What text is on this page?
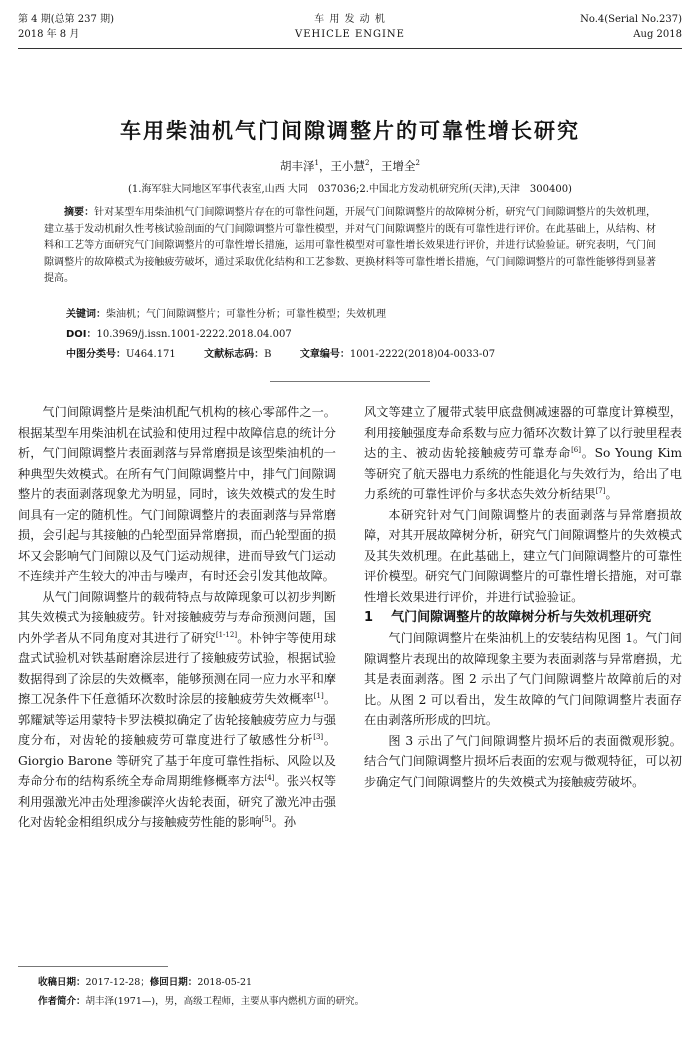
第 4 期(总第 237 期)
2018 年 8 月
车 用 发 动 机
VEHICLE ENGINE
No.4(Serial No.237)
Aug 2018
车用柴油机气门间隙调整片的可靠性增长研究
胡丰泽$^1$，王小慧$^2$，王增全$^2$
(1.海军驻大同地区军事代表室,山西 大同　037036;2.中国北方发动机研究所(天津),天津　300400)
摘要：针对某型车用柴油机气门间隙调整片存在的可靠性问题，开展气门间隙调整片的故障树分析，研究气门间隙调整片的失效机理，建立基于发动机耐久性考核试验剖面的气门间隙调整片可靠性模型，并对气门间隙调整片的既有可靠性进行评价。在此基础上，从结构、材料和工艺等方面研究气门间隙调整片的可靠性增长措施，运用可靠性模型对可靠性增长效果进行评价，并进行试验验证。研究表明，气门间隙调整片的故障模式为接触疲劳破坏，通过采取优化结构和工艺参数、更换材料等可靠性增长措施，气门间隙调整片的可靠性能够得到显著提高。
关键词：柴油机；气门间隙调整片；可靠性分析；可靠性模型；失效机理
DOI：10.3969/j.issn.1001-2222.2018.04.007
中图分类号：U464.171	文献标志码：B	文章编号：1001-2222(2018)04-0033-07

气门间隙调整片是柴油机配气机构的核心零部件之一。根据某型车用柴油机在试验和使用过程中故障信息的统计分析，气门间隙调整片表面剥落与异常磨损是该型柴油机的一种典型失效模式。在所有气门间隙调整片中，排气门间隙调整片的表面剥落现象尤为明显，同时，该失效模式的发生时间具有一定的随机性。气门间隙调整片的表面剥落与异常磨损，会引起与其接触的凸轮型面异常磨损，而凸轮型面的损坏又会影响气门间隙以及气门运动规律，进而导致气门运动不连续并产生较大的冲击与噪声，有时还会引发其他故障。

从气门间隙调整片的载荷特点与故障现象可以初步判断其失效模式为接触疲劳。针对接触疲劳与寿命预测问题，国内外学者从不同角度对其进行了研究[1-12]。朴钟宇等使用球盘式试验机对铁基耐磨涂层进行了接触疲劳试验，根据试验数据得到了涂层的失效概率，能够预测在同一应力水平和摩擦工况条件下任意循环次数时涂层的接触疲劳失效概率[1]。郭耀斌等运用蒙特卡罗法模拟确定了齿轮接触疲劳应力与强度分布，对齿轮的接触疲劳可靠度进行了敏感性分析[3]。Giorgio Barone 等研究了基于年度可靠性指标、风险以及寿命分布的结构系统全寿命周期维修概率方法[4]。张兴权等利用强激光冲击处理渗碳淬火齿轮表面，研究了激光冲击强化对齿轮金相组织成分与接触疲劳性能的影响[5]。孙

风文等建立了履带式装甲底盘侧减速器的可靠度计算模型，利用接触强度寿命系数与应力循环次数计算了以行驶里程表达的主、被动齿轮接触疲劳可靠寿命[6]。So Young Kim 等研究了航天器电力系统的性能退化与失效行为，给出了电力系统的可靠性评价与多状态失效分析结果[7]。

本研究针对气门间隙调整片的表面剥落与异常磨损故障，对其开展故障树分析，研究气门间隙调整片的失效模式及其失效机理。在此基础上，建立气门间隙调整片的可靠性评价模型。研究气门间隙调整片的可靠性增长措施，对可靠性增长效果进行评价，并进行试验验证。

1 气门间隙调整片的故障树分析与失效机理研究

气门间隙调整片在柴油机上的安装结构见图 1。气门间隙调整片表现出的故障现象主要为表面剥落与异常磨损，尤其是表面剥落。图 2 示出了气门间隙调整片故障前后的对比。从图 2 可以看出，发生故障的气门间隙调整片表面存在由剥落所形成的凹坑。

图 3 示出了气门间隙调整片损坏后的表面微观形貌。结合气门间隙调整片损坏后表面的宏观与微观特征，可以初步确定气门间隙调整片的失效模式为接触疲劳破坏。

收稿日期：2017-12-28；修回日期：2018-05-21
作者简介：胡丰泽(1971—)，男，高级工程师，主要从事内燃机方面的研究。
